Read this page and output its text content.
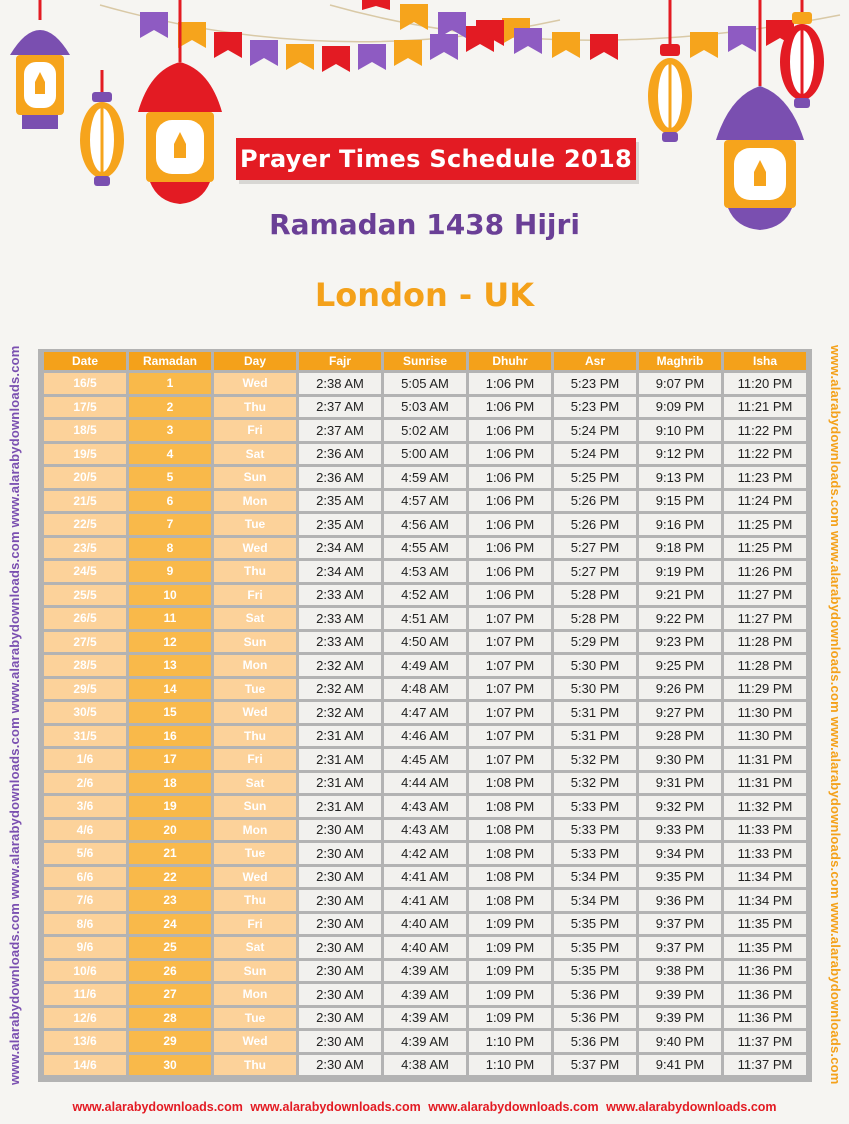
Prayer Times Schedule 2018
Ramadan 1438 Hijri
London - UK
www.alarabydownloads.com www.alarabydownloads.com www.alarabydownloads.com www.alarabydownloads.com	www.alarabydownloads.com www.alarabydownloads.com www.alarabydownloads.com www.alarabydownloads.com
Date	Ramadan	Day	Fajr	Sunrise	Dhuhr	Asr	Maghrib	Isha
16/5	1	Wed	2:38 AM	5:05 AM	1:06 PM	5:23 PM	9:07 PM	11:20 PM
17/5	2	Thu	2:37 AM	5:03 AM	1:06 PM	5:23 PM	9:09 PM	11:21 PM
18/5	3	Fri	2:37 AM	5:02 AM	1:06 PM	5:24 PM	9:10 PM	11:22 PM
19/5	4	Sat	2:36 AM	5:00 AM	1:06 PM	5:24 PM	9:12 PM	11:22 PM
20/5	5	Sun	2:36 AM	4:59 AM	1:06 PM	5:25 PM	9:13 PM	11:23 PM
21/5	6	Mon	2:35 AM	4:57 AM	1:06 PM	5:26 PM	9:15 PM	11:24 PM
22/5	7	Tue	2:35 AM	4:56 AM	1:06 PM	5:26 PM	9:16 PM	11:25 PM
23/5	8	Wed	2:34 AM	4:55 AM	1:06 PM	5:27 PM	9:18 PM	11:25 PM
24/5	9	Thu	2:34 AM	4:53 AM	1:06 PM	5:27 PM	9:19 PM	11:26 PM
25/5	10	Fri	2:33 AM	4:52 AM	1:06 PM	5:28 PM	9:21 PM	11:27 PM
26/5	11	Sat	2:33 AM	4:51 AM	1:07 PM	5:28 PM	9:22 PM	11:27 PM
27/5	12	Sun	2:33 AM	4:50 AM	1:07 PM	5:29 PM	9:23 PM	11:28 PM
28/5	13	Mon	2:32 AM	4:49 AM	1:07 PM	5:30 PM	9:25 PM	11:28 PM
29/5	14	Tue	2:32 AM	4:48 AM	1:07 PM	5:30 PM	9:26 PM	11:29 PM
30/5	15	Wed	2:32 AM	4:47 AM	1:07 PM	5:31 PM	9:27 PM	11:30 PM
31/5	16	Thu	2:31 AM	4:46 AM	1:07 PM	5:31 PM	9:28 PM	11:30 PM
1/6	17	Fri	2:31 AM	4:45 AM	1:07 PM	5:32 PM	9:30 PM	11:31 PM
2/6	18	Sat	2:31 AM	4:44 AM	1:08 PM	5:32 PM	9:31 PM	11:31 PM
3/6	19	Sun	2:31 AM	4:43 AM	1:08 PM	5:33 PM	9:32 PM	11:32 PM
4/6	20	Mon	2:30 AM	4:43 AM	1:08 PM	5:33 PM	9:33 PM	11:33 PM
5/6	21	Tue	2:30 AM	4:42 AM	1:08 PM	5:33 PM	9:34 PM	11:33 PM
6/6	22	Wed	2:30 AM	4:41 AM	1:08 PM	5:34 PM	9:35 PM	11:34 PM
7/6	23	Thu	2:30 AM	4:41 AM	1:08 PM	5:34 PM	9:36 PM	11:34 PM
8/6	24	Fri	2:30 AM	4:40 AM	1:09 PM	5:35 PM	9:37 PM	11:35 PM
9/6	25	Sat	2:30 AM	4:40 AM	1:09 PM	5:35 PM	9:37 PM	11:35 PM
10/6	26	Sun	2:30 AM	4:39 AM	1:09 PM	5:35 PM	9:38 PM	11:36 PM
11/6	27	Mon	2:30 AM	4:39 AM	1:09 PM	5:36 PM	9:39 PM	11:36 PM
12/6	28	Tue	2:30 AM	4:39 AM	1:09 PM	5:36 PM	9:39 PM	11:36 PM
13/6	29	Wed	2:30 AM	4:39 AM	1:10 PM	5:36 PM	9:40 PM	11:37 PM
14/6	30	Thu	2:30 AM	4:38 AM	1:10 PM	5:37 PM	9:41 PM	11:37 PM
www.alarabydownloads.com www.alarabydownloads.com www.alarabydownloads.com www.alarabydownloads.com
